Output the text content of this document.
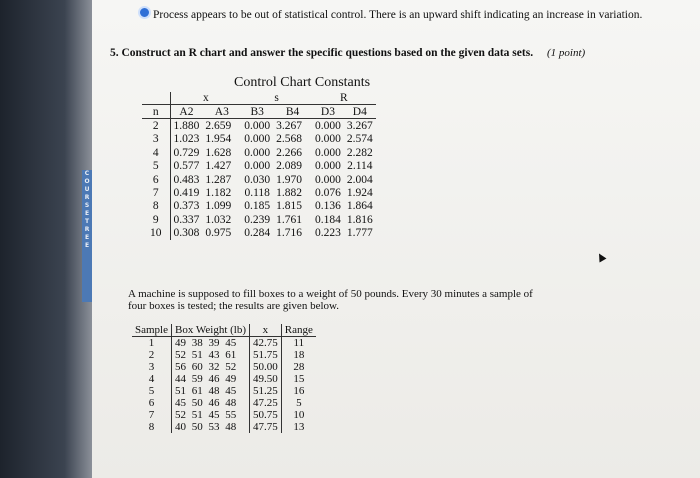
C
O
U
R
S
E
T
R
E
E
Process appears to be out of statistical control. There is an upward shift indicating an increase in variation.
5. Construct an R chart and answer the specific questions based on the given data sets. (1 point)
Control Chart Constants
	x		s		R	
n	A2	A3	B3	B4	D3	D4
2	1.880	2.659	0.000	3.267	0.000	3.267
3	1.023	1.954	0.000	2.568	0.000	2.574
4	0.729	1.628	0.000	2.266	0.000	2.282
5	0.577	1.427	0.000	2.089	0.000	2.114
6	0.483	1.287	0.030	1.970	0.000	2.004
7	0.419	1.182	0.118	1.882	0.076	1.924
8	0.373	1.099	0.185	1.815	0.136	1.864
9	0.337	1.032	0.239	1.761	0.184	1.816
10	0.308	0.975	0.284	1.716	0.223	1.777
A machine is supposed to fill boxes to a weight of 50 pounds. Every 30 minutes a sample of four boxes is tested; the results are given below.
Sample	Box Weight (lb)	x	Range
1	49 38 39 45	42.75	11
2	52 51 43 61	51.75	18
3	56 60 32 52	50.00	28
4	44 59 46 49	49.50	15
5	51 61 48 45	51.25	16
6	45 50 46 48	47.25	5
7	52 51 45 55	50.75	10
8	40 50 53 48	47.75	13
